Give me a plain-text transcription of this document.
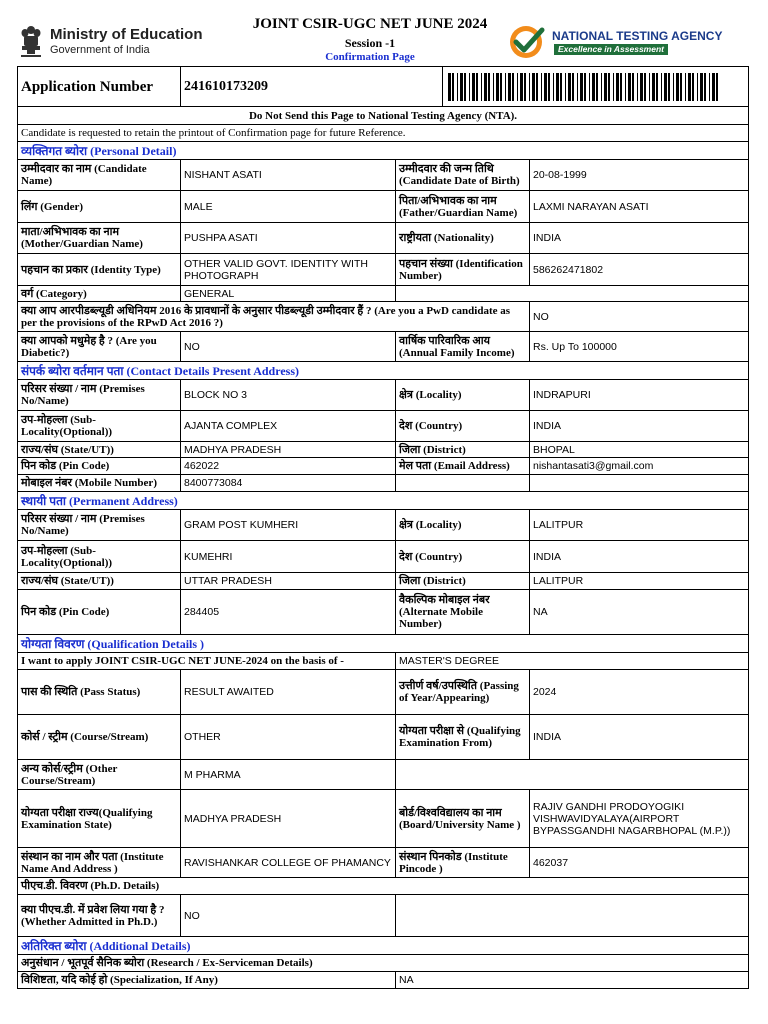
Ministry of Education
Government of India
JOINT CSIR-UGC NET JUNE 2024
Session -1
Confirmation Page
NATIONAL TESTING AGENCY
Excellence in Assessment
Application Number	241610173209	
Do Not Send this Page to National Testing Agency (NTA).			
Candidate is requested to retain the printout of Confirmation page for future Reference.			
व्यक्तिगत ब्योरा (Personal Detail)			
उम्मीदवार का नाम (Candidate Name)	NISHANT ASATI	उम्मीदवार की जन्म तिथि (Candidate Date of Birth)	20-08-1999
लिंग (Gender)	MALE	पिता/अभिभावक का नाम (Father/Guardian Name)	LAXMI NARAYAN ASATI
माता/अभिभावक का नाम (Mother/Guardian Name)	PUSHPA ASATI	राष्ट्रीयता (Nationality)	INDIA
पहचान का प्रकार (Identity Type)	OTHER VALID GOVT. IDENTITY WITH PHOTOGRAPH	पहचान संख्या (Identification Number)	586262471802
वर्ग (Category)	GENERAL		
क्या आप आरपीडब्ल्यूडी अधिनियम 2016 के प्रावधानों के अनुसार पीडब्ल्यूडी उम्मीदवार हैं ? (Are you a PwD candidate as per the provisions of the RPwD Act 2016 ?)			NO
क्या आपको मधुमेह है ? (Are you Diabetic?)	NO	वार्षिक पारिवारिक आय (Annual Family Income)	Rs. Up To 100000
संपर्क ब्योरा वर्तमान पता (Contact Details Present Address)			
परिसर संख्या / नाम (Premises No/Name)	BLOCK NO 3	क्षेत्र (Locality)	INDRAPURI
उप-मोहल्ला (Sub-Locality(Optional))	AJANTA COMPLEX	देश (Country)	INDIA
राज्य/संघ (State/UT))	MADHYA PRADESH	जिला (District)	BHOPAL
पिन कोड (Pin Code)	462022	मेल पता (Email Address)	nishantasati3@gmail.com
मोबाइल नंबर (Mobile Number)	8400773084		
स्थायी पता (Permanent Address)			
परिसर संख्या / नाम (Premises No/Name)	GRAM POST KUMHERI	क्षेत्र (Locality)	LALITPUR
उप-मोहल्ला (Sub-Locality(Optional))	KUMEHRI	देश (Country)	INDIA
राज्य/संघ (State/UT))	UTTAR PRADESH	जिला (District)	LALITPUR
पिन कोड (Pin Code)	284405	वैकल्पिक मोबाइल नंबर (Alternate Mobile Number)	NA
योग्यता विवरण (Qualification Details )			
I want to apply JOINT CSIR-UGC NET JUNE-2024 on the basis of -		MASTER'S DEGREE	
पास की स्थिति (Pass Status)	RESULT AWAITED	उत्तीर्ण वर्ष/उपस्थिति (Passing of Year/Appearing)	2024
कोर्स / स्ट्रीम (Course/Stream)	OTHER	योग्यता परीक्षा से (Qualifying Examination From)	INDIA
अन्य कोर्स/स्ट्रीम (Other Course/Stream)	M PHARMA		
योग्यता परीक्षा राज्य(Qualifying Examination State)	MADHYA PRADESH	बोर्ड/विश्वविद्यालय का नाम (Board/University Name )	RAJIV GANDHI PRODOYOGIKI VISHWAVIDYALAYA(AIRPORT BYPASSGANDHI NAGARBHOPAL (M.P.))
संस्थान का नाम और पता (Institute Name And Address )	RAVISHANKAR COLLEGE OF PHAMANCY	संस्थान पिनकोड (Institute Pincode )	462037
पीएच.डी. विवरण (Ph.D. Details)			
क्या पीएच.डी. में प्रवेश लिया गया है ? (Whether Admitted in Ph.D.)	NO		
अतिरिक्त ब्योरा (Additional Details)			
अनुसंधान / भूतपूर्व सैनिक ब्योरा (Research / Ex-Serviceman Details)			
विशिष्टता, यदि कोई हो (Specialization, If Any)		NA	
